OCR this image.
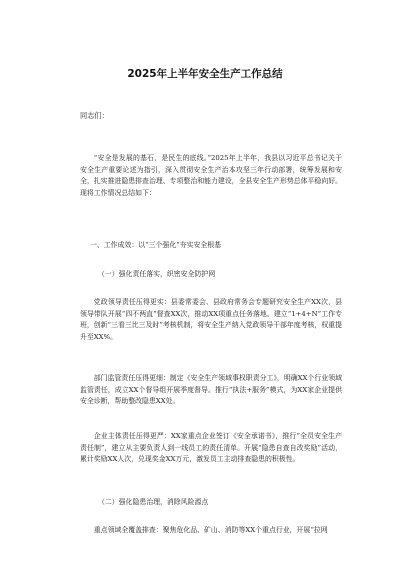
2025年上半年安全生产工作总结
同志们：
“安全是发展的基石，是民生的底线。”2025年上半年，我县以习近平总书记关于安全生产重要论述为指引，深入贯彻安全生产治本攻坚三年行动部署，统筹发展和安全，扎实推进隐患排查治理、专项整治和能力建设，全县安全生产形势总体平稳向好。现将工作情况总结如下：
一、工作成效：以“三个强化”夯实安全根基
（一）强化责任落实，织密安全防护网
党政领导责任压得更实：县委常委会、县政府常务会专题研究安全生产XX次，县领导带队开展“四不两直”督查XX次，推动XX项重点任务落地。建立“1+4+N”工作专班，创新“三看三比三及时”考核机制，将安全生产纳入党政领导干部年度考核，权重提升至XX%。
部门监管责任压得更细：制定《安全生产领域事权职责分工》，明确XX个行业领域监管责任，成立XX个督导组开展季度督导。推行“执法+服务”模式，为XX家企业提供安全诊断，帮助整改隐患XX处。
企业主体责任压得更严：XX家重点企业签订《安全承诺书》，推行“全员安全生产责任制”，建立从主要负责人到一线员工的责任清单。开展“隐患自查自改奖励”活动，累计奖励XX人次，兑现奖金XX万元，激发员工主动排查隐患的积极性。
（二）强化隐患治理，消除风险源点
重点领域全覆盖排查：聚焦危化品、矿山、消防等XX个重点行业，开展“拉网
